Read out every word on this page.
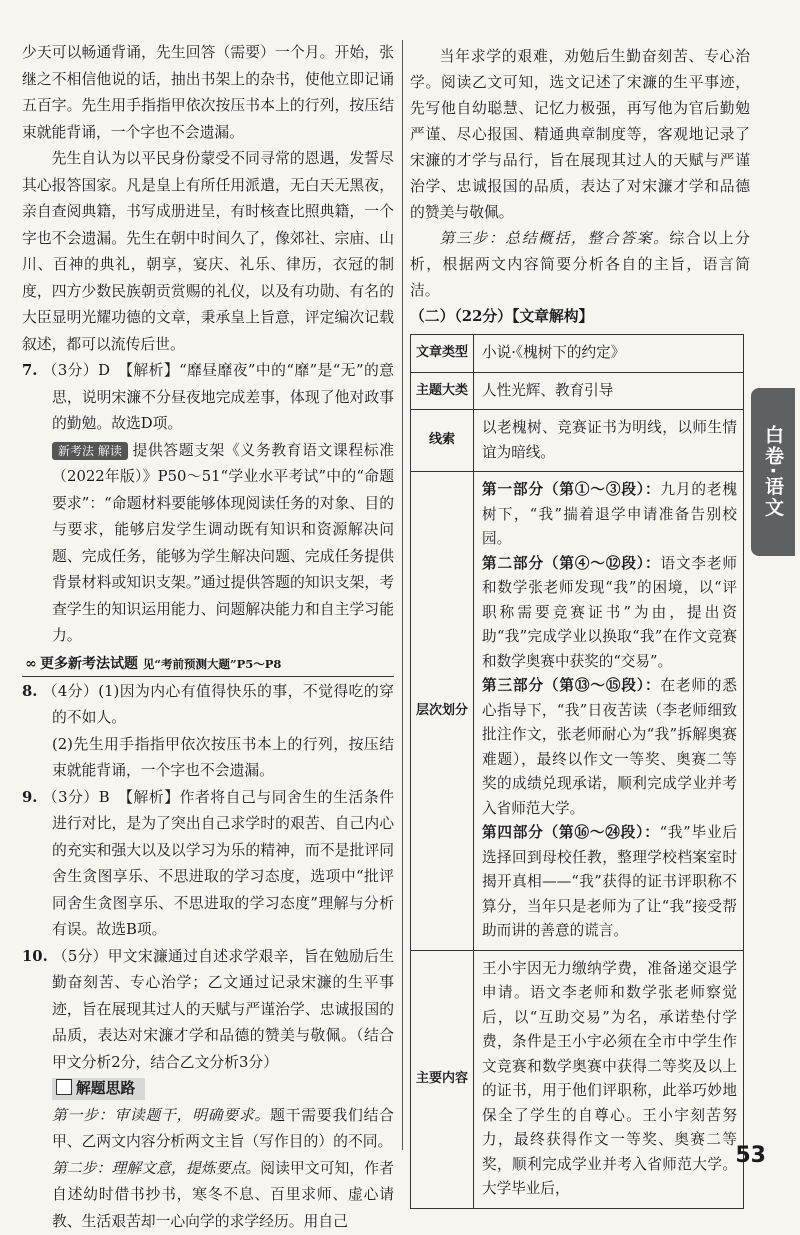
少天可以畅通背诵，先生回答（需要）一个月。开始，张继之不相信他说的话，抽出书架上的杂书，使他立即记诵五百字。先生用手指指甲依次按压书本上的行列，按压结束就能背诵，一个字也不会遗漏。

先生自认为以平民身份蒙受不同寻常的恩遇，发誓尽其心报答国家。凡是皇上有所任用派遣，无白天无黑夜，亲自查阅典籍，书写成册进呈，有时核查比照典籍，一个字也不会遗漏。先生在朝中时间久了，像郊社、宗庙、山川、百神的典礼，朝享，宴庆、礼乐、律历，衣冠的制度，四方少数民族朝贡赏赐的礼仪，以及有功勋、有名的大臣显明光耀功德的文章，秉承皇上旨意，评定编次记载叙述，都可以流传后世。

7. （3分）D　【解析】“靡昼靡夜”中的“靡”是“无”的意思，说明宋濂不分昼夜地完成差事，体现了他对政事的勤勉。故选D项。
新考法 解读 提供答题支架《义务教育语文课程标准（2022年版）》P50～51“学业水平考试”中的“命题要求”：“命题材料要能够体现阅读任务的对象、目的与要求，能够启发学生调动既有知识和资源解决问题、完成任务，能够为学生解决问题、完成任务提供背景材料或知识支架。”通过提供答题的知识支架，考查学生的知识运用能力、问题解决能力和自主学习能力。
∞ 更多新考法试题 见“考前预测大题”P5～P8
8. （4分）(1)因为内心有值得快乐的事，不觉得吃的穿的不如人。
(2)先生用手指指甲依次按压书本上的行列，按压结束就能背诵，一个字也不会遗漏。
9. （3分）B　【解析】作者将自己与同舍生的生活条件进行对比，是为了突出自己求学时的艰苦、自己内心的充实和强大以及以学习为乐的精神，而不是批评同舍生贪图享乐、不思进取的学习态度，选项中“批评同舍生贪图享乐、不思进取的学习态度”理解与分析有误。故选B项。
10. （5分）甲文宋濂通过自述求学艰辛，旨在勉励后生勤奋刻苦、专心治学；乙文通过记录宋濂的生平事迹，旨在展现其过人的天赋与严谨治学、忠诚报国的品质，表达对宋濂才学和品德的赞美与敬佩。（结合甲文分析2分，结合乙文分析3分）
解题思路

第一步：审读题干，明确要求。题干需要我们结合甲、乙两文内容分析两文主旨（写作目的）的不同。

第二步：理解文意，提炼要点。阅读甲文可知，作者自述幼时借书抄书，寒冬不息、百里求师、虚心请教、生活艰苦却一心向学的求学经历。用自己

当年求学的艰难，劝勉后生勤奋刻苦、专心治学。阅读乙文可知，选文记述了宋濂的生平事迹，先写他自幼聪慧、记忆力极强，再写他为官后勤勉严谨、尽心报国、精通典章制度等，客观地记录了宋濂的才学与品行，旨在展现其过人的天赋与严谨治学、忠诚报国的品质，表达了对宋濂才学和品德的赞美与敬佩。

第三步：总结概括，整合答案。综合以上分析，根据两文内容简要分析各自的主旨，语言简洁。

（二）（22分）【文章解构】

文章类型	小说·《槐树下的约定》
主题大类	人性光辉、教育引导
线索	以老槐树、竞赛证书为明线，以师生情谊为暗线。
层次划分	第一部分（第①～③段）：九月的老槐树下，“我”揣着退学申请准备告别校园。
第二部分（第④～⑫段）：语文李老师和数学张老师发现“我”的困境，以“评职称需要竞赛证书”为由，提出资助“我”完成学业以换取“我”在作文竞赛和数学奥赛中获奖的“交易”。
第三部分（第⑬～⑮段）：在老师的悉心指导下，“我”日夜苦读（李老师细致批注作文，张老师耐心为“我”拆解奥赛难题），最终以作文一等奖、奥赛二等奖的成绩兑现承诺，顺利完成学业并考入省师范大学。
第四部分（第⑯～㉔段）：“我”毕业后选择回到母校任教，整理学校档案室时揭开真相——“我”获得的证书评职称不算分，当年只是老师为了让“我”接受帮助而讲的善意的谎言。

主要内容	王小宇因无力缴纳学费，准备递交退学申请。语文李老师和数学张老师察觉后，以“互助交易”为名，承诺垫付学费，条件是王小宇必须在全市中学生作文竞赛和数学奥赛中获得二等奖及以上的证书，用于他们评职称，此举巧妙地保全了学生的自尊心。王小宇刻苦努力，最终获得作文一等奖、奥赛二等奖，顺利完成学业并考入省师范大学。大学毕业后，
白卷·语文
53
